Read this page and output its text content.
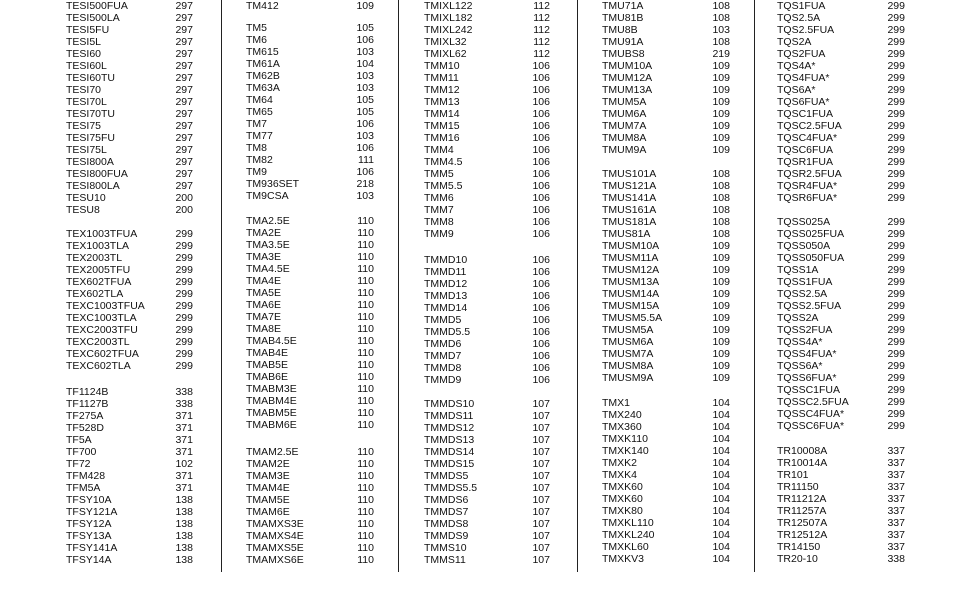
TESI500FUA	297
TESI500LA	297
TESI5FU	297
TESI5L	297
TESI60	297
TESI60L	297
TESI60TU	297
TESI70	297
TESI70L	297
TESI70TU	297
TESI75	297
TESI75FU	297
TESI75L	297
TESI800A	297
TESI800FUA	297
TESI800LA	297
TESU10	200
TESU8	200
TEX1003TFUA	299
TEX1003TLA	299
TEX2003TL	299
TEX2005TFU	299
TEX602TFUA	299
TEX602TLA	299
TEXC1003TFUA	299
TEXC1003TLA	299
TEXC2003TFU	299
TEXC2003TL	299
TEXC602TFUA	299
TEXC602TLA	299
TF1124B	338
TF1127B	338
TF275A	371
TF528D	371
TF5A	371
TF700	371
TF72	102
TFM428	371
TFM5A	371
TFSY10A	138
TFSY121A	138
TFSY12A	138
TFSY13A	138
TFSY141A	138
TFSY14A	138
TM412	109
TM5	105
TM6	106
TM615	103
TM61A	104
TM62B	103
TM63A	103
TM64	105
TM65	105
TM7	106
TM77	103
TM8	106
TM82	111
TM9	106
TM936SET	218
TM9CSA	103
TMA2.5E	110
TMA2E	110
TMA3.5E	110
TMA3E	110
TMA4.5E	110
TMA4E	110
TMA5E	110
TMA6E	110
TMA7E	110
TMA8E	110
TMAB4.5E	110
TMAB4E	110
TMAB5E	110
TMAB6E	110
TMABM3E	110
TMABM4E	110
TMABM5E	110
TMABM6E	110
TMAM2.5E	110
TMAM2E	110
TMAM3E	110
TMAM4E	110
TMAM5E	110
TMAM6E	110
TMAMXS3E	110
TMAMXS4E	110
TMAMXS5E	110
TMAMXS6E	110
TMIXL122	112
TMIXL182	112
TMIXL242	112
TMIXL32	112
TMIXL62	112
TMM10	106
TMM11	106
TMM12	106
TMM13	106
TMM14	106
TMM15	106
TMM16	106
TMM4	106
TMM4.5	106
TMM5	106
TMM5.5	106
TMM6	106
TMM7	106
TMM8	106
TMM9	106
TMMD10	106
TMMD11	106
TMMD12	106
TMMD13	106
TMMD14	106
TMMD5	106
TMMD5.5	106
TMMD6	106
TMMD7	106
TMMD8	106
TMMD9	106
TMMDS10	107
TMMDS11	107
TMMDS12	107
TMMDS13	107
TMMDS14	107
TMMDS15	107
TMMDS5	107
TMMDS5.5	107
TMMDS6	107
TMMDS7	107
TMMDS8	107
TMMDS9	107
TMMS10	107
TMMS11	107
TMU71A	108
TMU81B	108
TMU8B	103
TMU91A	108
TMUBS8	219
TMUM10A	109
TMUM12A	109
TMUM13A	109
TMUM5A	109
TMUM6A	109
TMUM7A	109
TMUM8A	109
TMUM9A	109
TMUS101A	108
TMUS121A	108
TMUS141A	108
TMUS161A	108
TMUS181A	108
TMUS81A	108
TMUSM10A	109
TMUSM11A	109
TMUSM12A	109
TMUSM13A	109
TMUSM14A	109
TMUSM15A	109
TMUSM5.5A	109
TMUSM5A	109
TMUSM6A	109
TMUSM7A	109
TMUSM8A	109
TMUSM9A	109
TMX1	104
TMX240	104
TMX360	104
TMXK110	104
TMXK140	104
TMXK2	104
TMXK4	104
TMXK60	104
TMXK60	104
TMXK80	104
TMXKL110	104
TMXKL240	104
TMXKL60	104
TMXKV3	104
TQS1FUA	299
TQS2.5A	299
TQS2.5FUA	299
TQS2A	299
TQS2FUA	299
TQS4A*	299
TQS4FUA*	299
TQS6A*	299
TQS6FUA*	299
TQSC1FUA	299
TQSC2.5FUA	299
TQSC4FUA*	299
TQSC6FUA	299
TQSR1FUA	299
TQSR2.5FUA	299
TQSR4FUA*	299
TQSR6FUA*	299
TQSS025A	299
TQSS025FUA	299
TQSS050A	299
TQSS050FUA	299
TQSS1A	299
TQSS1FUA	299
TQSS2.5A	299
TQSS2.5FUA	299
TQSS2A	299
TQSS2FUA	299
TQSS4A*	299
TQSS4FUA*	299
TQSS6A*	299
TQSS6FUA*	299
TQSSC1FUA	299
TQSSC2.5FUA	299
TQSSC4FUA*	299
TQSSC6FUA*	299
TR10008A	337
TR10014A	337
TR101	337
TR11150	337
TR11212A	337
TR11257A	337
TR12507A	337
TR12512A	337
TR14150	337
TR20-10	338
